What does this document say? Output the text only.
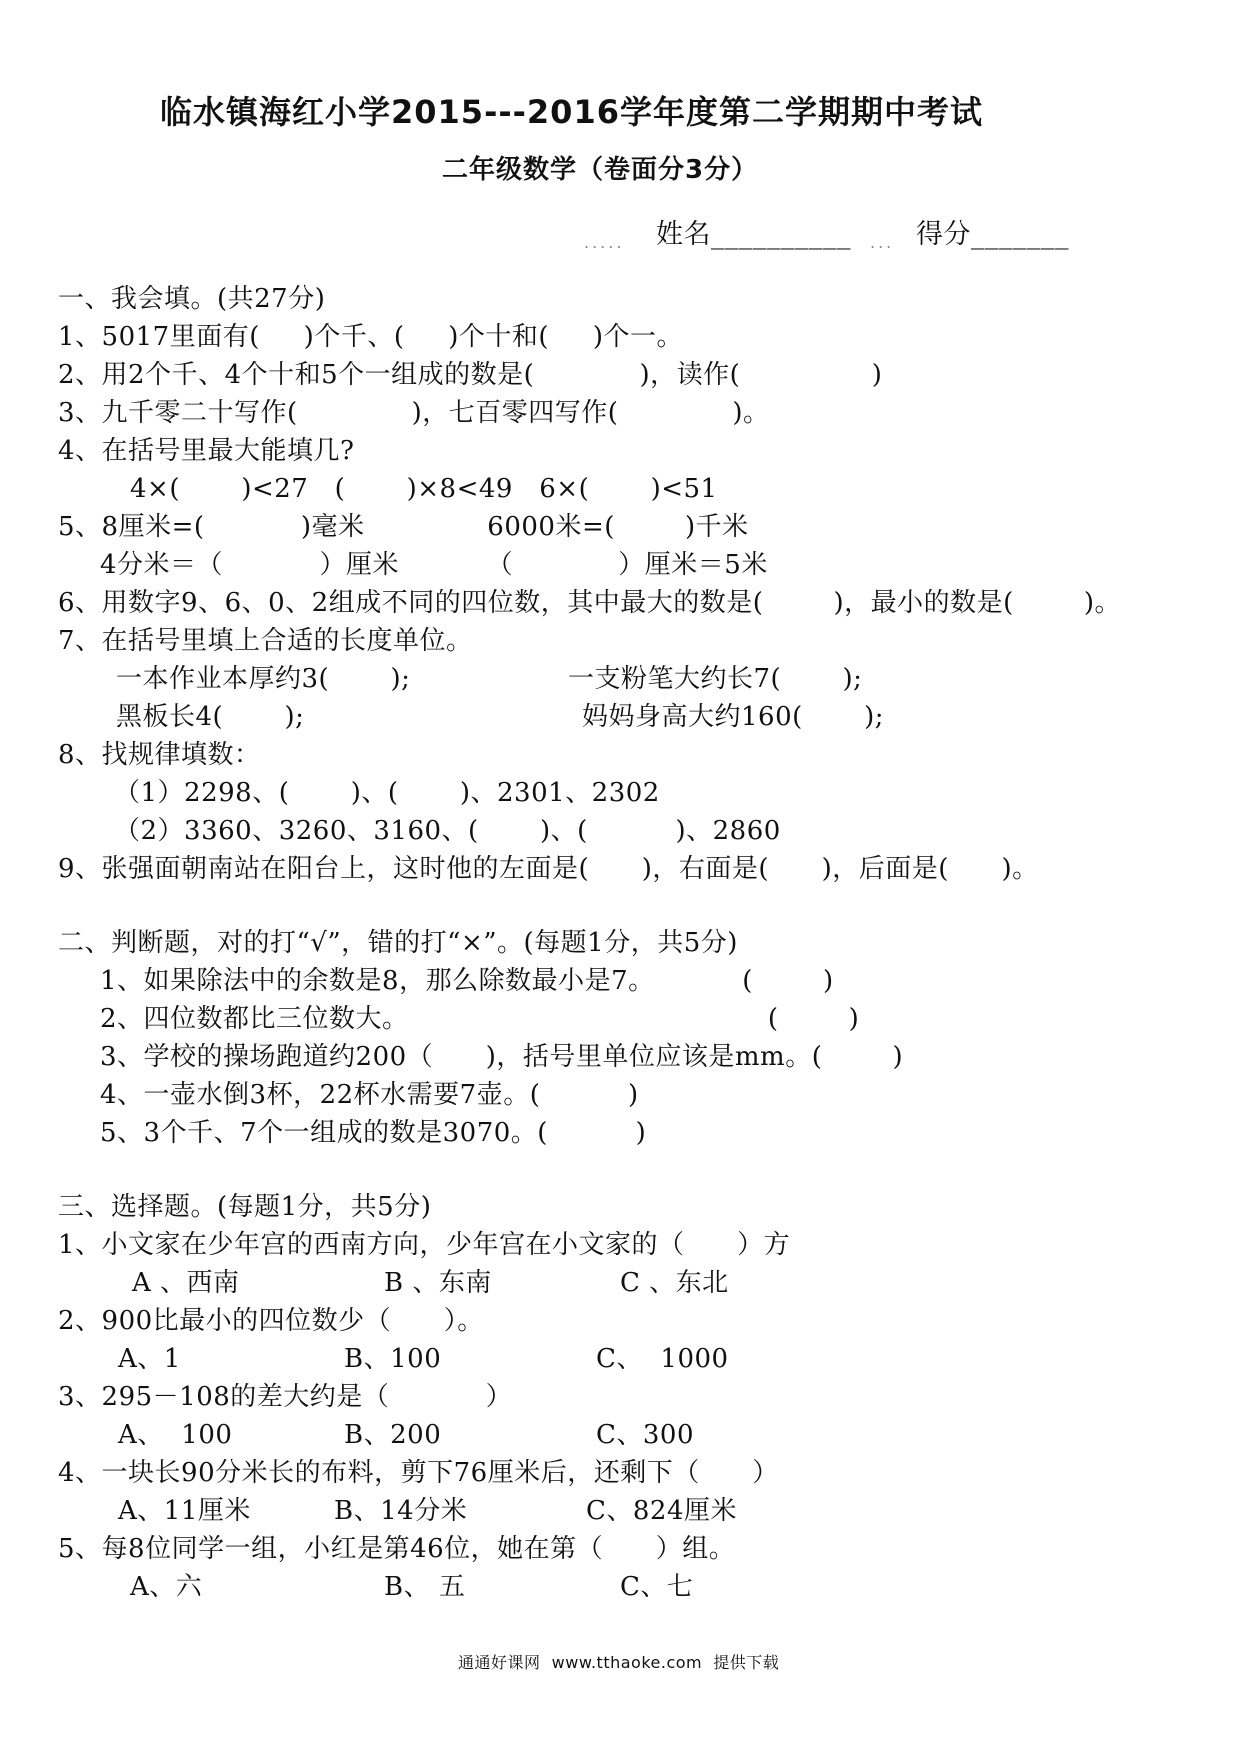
临水镇海红小学2015---2016学年度第二学期期中考试
二年级数学（卷面分3分）
..... 姓名__________ ... 得分_______
一、我会填。(共27分)
1、5017里面有(     )个千、(     )个十和(     )个一。
2、用2个千、4个十和5个一组成的数是(            )，读作(               )
3、九千零二十写作(             )，七百零四写作(             )。
4、在括号里最大能填几?
4×(       )<27   (       )×8<49   6×(       )<51
5、8厘米=(           )毫米              6000米=(        )千米
4分米＝（           ）厘米          （            ）厘米＝5米
6、用数字9、6、0、2组成不同的四位数，其中最大的数是(        )，最小的数是(        )。
7、在括号里填上合适的长度单位。
一本作业本厚约3(       );	一支粉笔大约长7(       );
黑板长4(       );	妈妈身高大约160(       );
8、找规律填数：
（1）2298、(       )、(       )、2301、2302
（2）3360、3260、3160、(       )、(          )、2860
9、张强面朝南站在阳台上，这时他的左面是(      )，右面是(      )，后面是(      )。
二、判断题，对的打“√”，错的打“×”。(每题1分，共5分)
1、如果除法中的余数是8，那么除数最小是7。          (        )
2、四位数都比三位数大。                                         (        )
3、学校的操场跑道约200（      )，括号里单位应该是mm。(        )
4、一壶水倒3杯，22杯水需要7壶。(          )
5、3个千、7个一组成的数是3070。(          )
三、选择题。(每题1分，共5分)
1、小文家在少年宫的西南方向，少年宫在小文家的（      ）方
A 、西南	B 、东南	C 、东北
2、900比最小的四位数少（      ）。
A、1	B、100	C、  1000
3、295－108的差大约是（           ）
A、  100	B、200	C、300
4、一块长90分米长的布料，剪下76厘米后，还剩下（      ）
A、11厘米	B、14分米	C、824厘米
5、每8位同学一组，小红是第46位，她在第（      ）组。
A、六	B、 五	C、七
通通好课网  www.tthaoke.com  提供下载
